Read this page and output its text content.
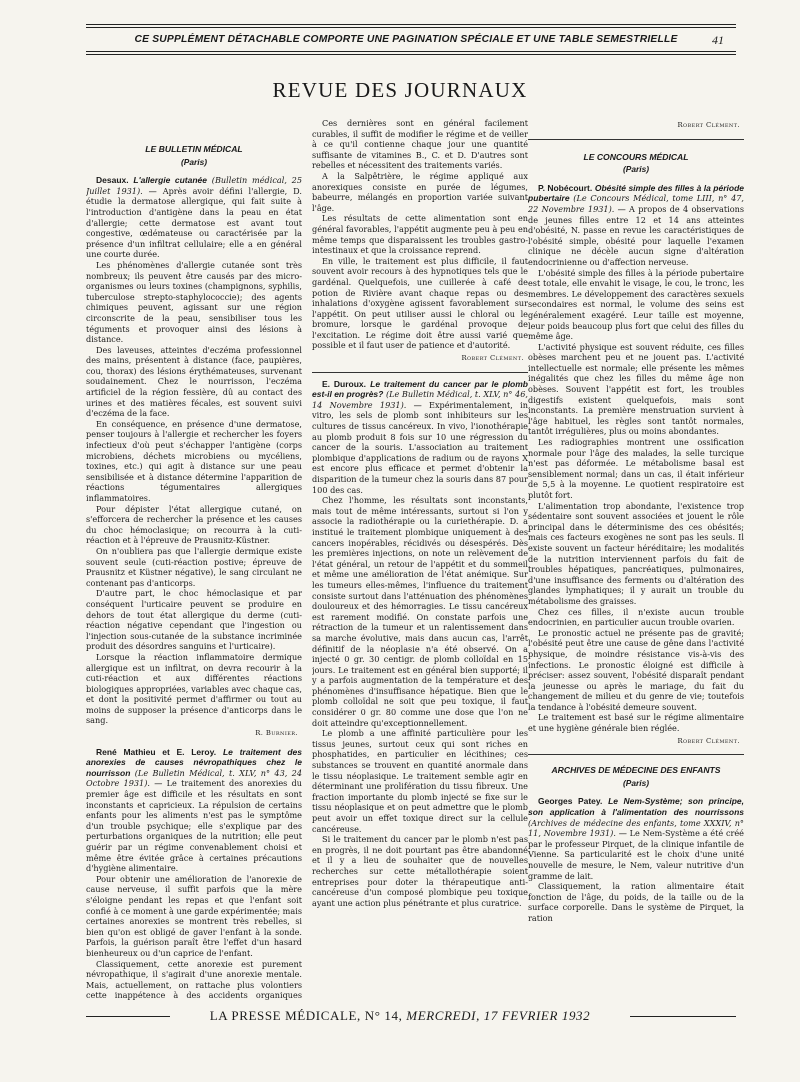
CE SUPPLÉMENT DÉTACHABLE COMPORTE UNE PAGINATION SPÉCIALE ET UNE TABLE SEMESTRIELLE	41
REVUE DES JOURNAUX
LE BULLETIN MÉDICAL
(Paris)

Desaux. L'allergie cutanée (Bulletin médical, 25 Juillet 1931). — Après avoir défini l'allergie, D. étudie la dermatose allergique, qui fait suite à l'introduction d'antigène dans la peau en état d'allergie; cette dermatose est avant tout congestive, œdémateuse ou caractérisée par la présence d'un infiltrat cellulaire; elle a en général une courte durée.

Les phénomènes d'allergie cutanée sont très nombreux; ils peuvent être causés par des micro-organismes ou leurs toxines (champignons, syphilis, tuberculose strepto-staphylococcie); des agents chimiques peuvent, agissant sur une région circonscrite de la peau, sensibiliser tous les téguments et provoquer ainsi des lésions à distance.

Des laveuses, atteintes d'eczéma professionnel des mains, présentent à distance (face, paupières, cou, thorax) des lésions érythémateuses, survenant soudainement. Chez le nourrisson, l'eczéma artificiel de la région fessière, dû au contact des urines et des matières fécales, est souvent suivi d'eczéma de la face.

En conséquence, en présence d'une dermatose, penser toujours à l'allergie et rechercher les foyers infectieux d'où peut s'échapper l'antigène (corps microbiens, déchets microbiens ou mycéliens, toxines, etc.) qui agit à distance sur une peau sensibilisée et à distance détermine l'apparition de réactions tégumentaires allergiques inflammatoires.

Pour dépister l'état allergique cutané, on s'efforcera de rechercher la présence et les causes du choc hémoclasique; on recourra à la cuti-réaction et à l'épreuve de Prausnitz-Küstner.

On n'oubliera pas que l'allergie dermique existe souvent seule (cuti-réaction postive; épreuve de Prausnitz et Küstner négative), le sang circulant ne contenant pas d'anticorps.

D'autre part, le choc hémoclasique et par conséquent l'urticaire peuvent se produire en dehors de tout état allergique du derme (cuti-réaction négative cependant que l'ingestion ou l'injection sous-cutanée de la substance incriminée produit des désordres sanguins et l'urticaire).

Lorsque la réaction inflammatoire dermique allergique est un infiltrat, on devra recourir à la cuti-réaction et aux différentes réactions biologiques appropriées, variables avec chaque cas, et dont la positivité permet d'affirmer ou tout au moins de supposer la présence d'anticorps dans le sang.

R. Burnier.

René Mathieu et E. Leroy. Le traitement des anorexies de causes névropathiques chez le nourrisson (Le Bulletin Médical, t. XLV, n° 43, 24 Octobre 1931). — Le traitement des anorexies du premier âge est difficile et les résultats en sont inconstants et capricieux. La répulsion de certains enfants pour les aliments n'est pas le symptôme d'un trouble psychique; elle s'explique par des perturbations organiques de la nutrition; elle peut guérir par un régime convenablement choisi et même être évitée grâce à certaines précautions d'hygiène alimentaire.

Pour obtenir une amélioration de l'anorexie de cause nerveuse, il suffit parfois que la mère s'éloigne pendant les repas et que l'enfant soit confié à ce moment à une garde expérimentée; mais certaines anorexies se montrent très rebelles, si bien qu'on est obligé de gaver l'enfant à la sonde. Parfois, la guérison paraît être l'effet d'un hasard bienheureux ou d'un caprice de l'enfant.

Classiquement, cette anorexie est purement névropathique, il s'agirait d'une anorexie mentale. Mais, actuellement, on rattache plus volontiers cette inappétence à des accidents organiques

Ces dernières sont en général facilement curables, il suffit de modifier le régime et de veiller à ce qu'il contienne chaque jour une quantité suffisante de vitamines B., C. et D. D'autres sont rebelles et nécessitent des traitements variés.

A la Salpêtrière, le régime appliqué aux anorexiques consiste en purée de légumes, babeurre, mélangés en proportion variée suivant l'âge.

Les résultats de cette alimentation sont en général favorables, l'appétit augmente peu à peu en même temps que disparaissent les troubles gastro-intestinaux et que la croissance reprend.

En ville, le traitement est plus difficile, il faut souvent avoir recours à des hypnotiques tels que le gardénal. Quelquefois, une cuillerée à café de potion de Rivière avant chaque repas ou des inhalations d'oxygène agissent favorablement sur l'appétit. On peut utiliser aussi le chloral ou le bromure, lorsque le gardénal provoque de l'excitation. Le régime doit être aussi varié que possible et il faut user de patience et d'autorité.

Robert Clément.

E. Duroux. Le traitement du cancer par le plomb est-il en progrès? (Le Bulletin Médical, t. XLV, n° 46, 14 Novembre 1931). — Expérimentalement, in vitro, les sels de plomb sont inhibiteurs sur les cultures de tissus cancéreux. In vivo, l'ionothérapie au plomb produit 8 fois sur 10 une régression du cancer de la souris. L'association au traitement plombique d'applications de radium ou de rayons X est encore plus efficace et permet d'obtenir la disparition de la tumeur chez la souris dans 87 pour 100 des cas.

Chez l'homme, les résultats sont inconstants, mais tout de même intéressants, surtout si l'on y associe la radiothérapie ou la curiethérapie. D. a institué le traitement plombique uniquement à des cancers inopérables, récidivés ou désespérés. Dès les premières injections, on note un relèvement de l'état général, un retour de l'appétit et du sommeil et même une amélioration de l'état anémique. Sur les tumeurs elles-mêmes, l'influence du traitement consiste surtout dans l'atténuation des phénomènes douloureux et des hémorragies. Le tissu cancéreux est rarement modifié. On constate parfois une rétraction de la tumeur et un ralentissement dans sa marche évolutive, mais dans aucun cas, l'arrêt définitif de la néoplasie n'a été observé. On a injecté 0 gr. 30 centigr. de plomb colloïdal en 15 jours. Le traitement est en général bien supporté; il y a parfois augmentation de la température et des phénomènes d'insuffisance hépatique. Bien que le plomb colloïdal ne soit que peu toxique, il faut considérer 0 gr. 80 comme une dose que l'on ne doit atteindre qu'exceptionnellement.

Le plomb a une affinité particulière pour les tissus jeunes, surtout ceux qui sont riches en phosphatides, en particulier en lécithines; ces substances se trouvent en quantité anormale dans le tissu néoplasique. Le traitement semble agir en déterminant une prolifération du tissu fibreux. Une fraction importante du plomb injecté se fixe sur le tissu néoplasique et on peut admettre que le plomb peut avoir un effet toxique direct sur la cellule cancéreuse.

Si le traitement du cancer par le plomb n'est pas en progrès, il ne doit pourtant pas être abandonné et il y a lieu de souhaiter que de nouvelles recherches sur cette métallothérapie soient entreprises pour doter la thérapeutique anti-cancéreuse d'un composé plombique peu toxique ayant une action plus pénétrante et plus curatrice.

Robert Clément.
LE CONCOURS MÉDICAL
(Paris)

P. Nobécourt. Obésité simple des filles à la période pubertaire (Le Concours Médical, tome LIII, n° 47, 22 Novembre 1931). — A propos de 4 observations de jeunes filles entre 12 et 14 ans atteintes d'obésité, N. passe en revue les caractéristiques de l'obésité simple, obésité pour laquelle l'examen clinique ne décèle aucun signe d'altération endocrinienne ou d'affection nerveuse.

L'obésité simple des filles à la période pubertaire est totale, elle envahit le visage, le cou, le tronc, les membres. Le développement des caractères sexuels secondaires est normal, le volume des seins est généralement exagéré. Leur taille est moyenne, leur poids beaucoup plus fort que celui des filles du même âge.

L'activité physique est souvent réduite, ces filles obèses marchent peu et ne jouent pas. L'activité intellectuelle est normale; elle présente les mêmes inégalités que chez les filles du même âge non obèses. Souvent l'appétit est fort, les troubles digestifs existent quelquefois, mais sont inconstants. La première menstruation survient à l'âge habituel, les règles sont tantôt normales, tantôt irrégulières, plus ou moins abondantes.

Les radiographies montrent une ossification normale pour l'âge des malades, la selle turcique n'est pas déformée. Le métabolisme basal est sensiblement normal; dans un cas, il était inférieur de 5,5 à la moyenne. Le quotient respiratoire est plutôt fort.

L'alimentation trop abondante, l'existence trop sédentaire sont souvent associées et jouent le rôle principal dans le déterminisme des ces obésités; mais ces facteurs exogènes ne sont pas les seuls. Il existe souvent un facteur héréditaire; les modalités de la nutrition interviennent parfois du fait de troubles hépatiques, pancréatiques, pulmonaires, d'une insuffisance des ferments ou d'altération des glandes lymphatiques; il y aurait un trouble du métabolisme des graisses.

Chez ces filles, il n'existe aucun trouble endocrinien, en particulier aucun trouble ovarien.

Le pronostic actuel ne présente pas de gravité; l'obésité peut être une cause de gêne dans l'activité physique, de moindre résistance vis-à-vis des infections. Le pronostic éloigné est difficile à préciser: assez souvent, l'obésité disparaît pendant la jeunesse ou après le mariage, du fait du changement de milieu et du genre de vie; toutefois la tendance à l'obésité demeure souvent.

Le traitement est basé sur le régime alimentaire et une hygiène générale bien réglée.

Robert Clément.
ARCHIVES DE MÉDECINE DES ENFANTS
(Paris)

Georges Patey. Le Nem-Système; son principe, son application à l'alimentation des nourrissons (Archives de médecine des enfants, tome XXXIV, n° 11, Novembre 1931). — Le Nem-Système a été créé par le professeur Pirquet, de la clinique infantile de Vienne. Sa particularité est le choix d'une unité nouvelle de mesure, le Nem, valeur nutritive d'un gramme de lait.

Classiquement, la ration alimentaire était fonction de l'âge, du poids, de la taille ou de la surface corporelle. Dans le système de Pirquet, la ration

LA PRESSE MÉDICALE, N° 14, MERCREDI, 17 FEVRIER 1932
